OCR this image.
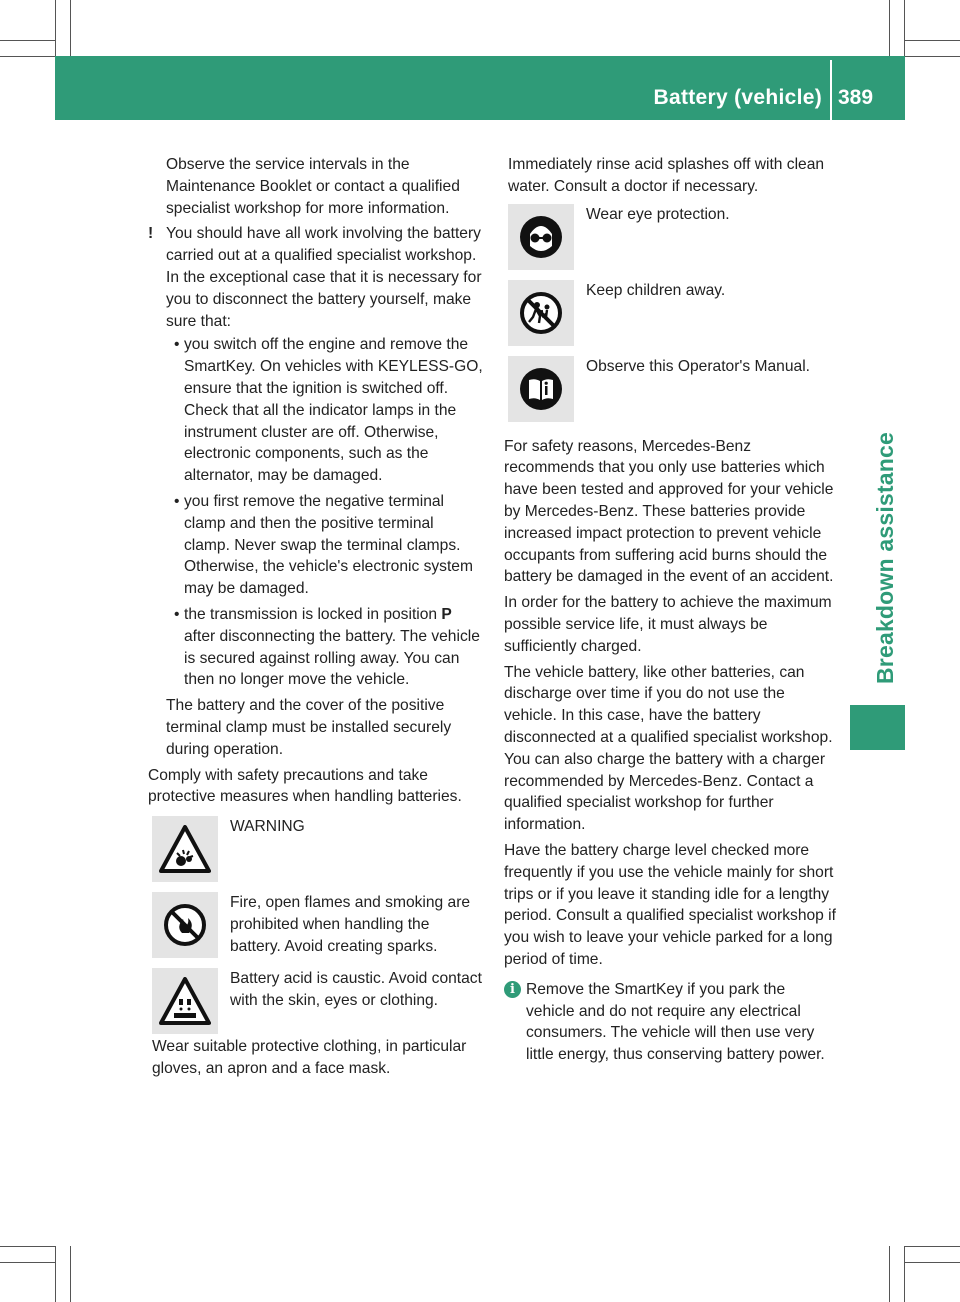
Battery (vehicle) 389
Breakdown assistance

Observe the service intervals in the Maintenance Booklet or contact a qualified specialist workshop for more information.

! You should have all work involving the battery carried out at a qualified specialist workshop. In the exceptional case that it is necessary for you to disconnect the battery yourself, make sure that:

• you switch off the engine and remove the SmartKey. On vehicles with KEYLESS-GO, ensure that the ignition is switched off. Check that all the indicator lamps in the instrument cluster are off. Otherwise, electronic components, such as the alternator, may be damaged.

• you first remove the negative terminal clamp and then the positive terminal clamp. Never swap the terminal clamps. Otherwise, the vehicle's electronic system may be damaged.

• the transmission is locked in position P after disconnecting the battery. The vehicle is secured against rolling away. You can then no longer move the vehicle.

The battery and the cover of the positive terminal clamp must be installed securely during operation.

Comply with safety precautions and take protective measures when handling batteries.

WARNING
Fire, open flames and smoking are prohibited when handling the battery. Avoid creating sparks.
Battery acid is caustic. Avoid contact with the skin, eyes or clothing.

Wear suitable protective clothing, in particular gloves, an apron and a face mask.

Immediately rinse acid splashes off with clean water. Consult a doctor if necessary.

Wear eye protection.
Keep children away.
Observe this Operator's Manual.

For safety reasons, Mercedes-Benz recommends that you only use batteries which have been tested and approved for your vehicle by Mercedes-Benz. These batteries provide increased impact protection to prevent vehicle occupants from suffering acid burns should the battery be damaged in the event of an accident.

In order for the battery to achieve the maximum possible service life, it must always be sufficiently charged.

The vehicle battery, like other batteries, can discharge over time if you do not use the vehicle. In this case, have the battery disconnected at a qualified specialist workshop. You can also charge the battery with a charger recommended by Mercedes-Benz. Contact a qualified specialist workshop for further information.

Have the battery charge level checked more frequently if you use the vehicle mainly for short trips or if you leave it standing idle for a lengthy period. Consult a qualified specialist workshop if you wish to leave your vehicle parked for a long period of time.

i Remove the SmartKey if you park the vehicle and do not require any electrical consumers. The vehicle will then use very little energy, thus conserving battery power.
